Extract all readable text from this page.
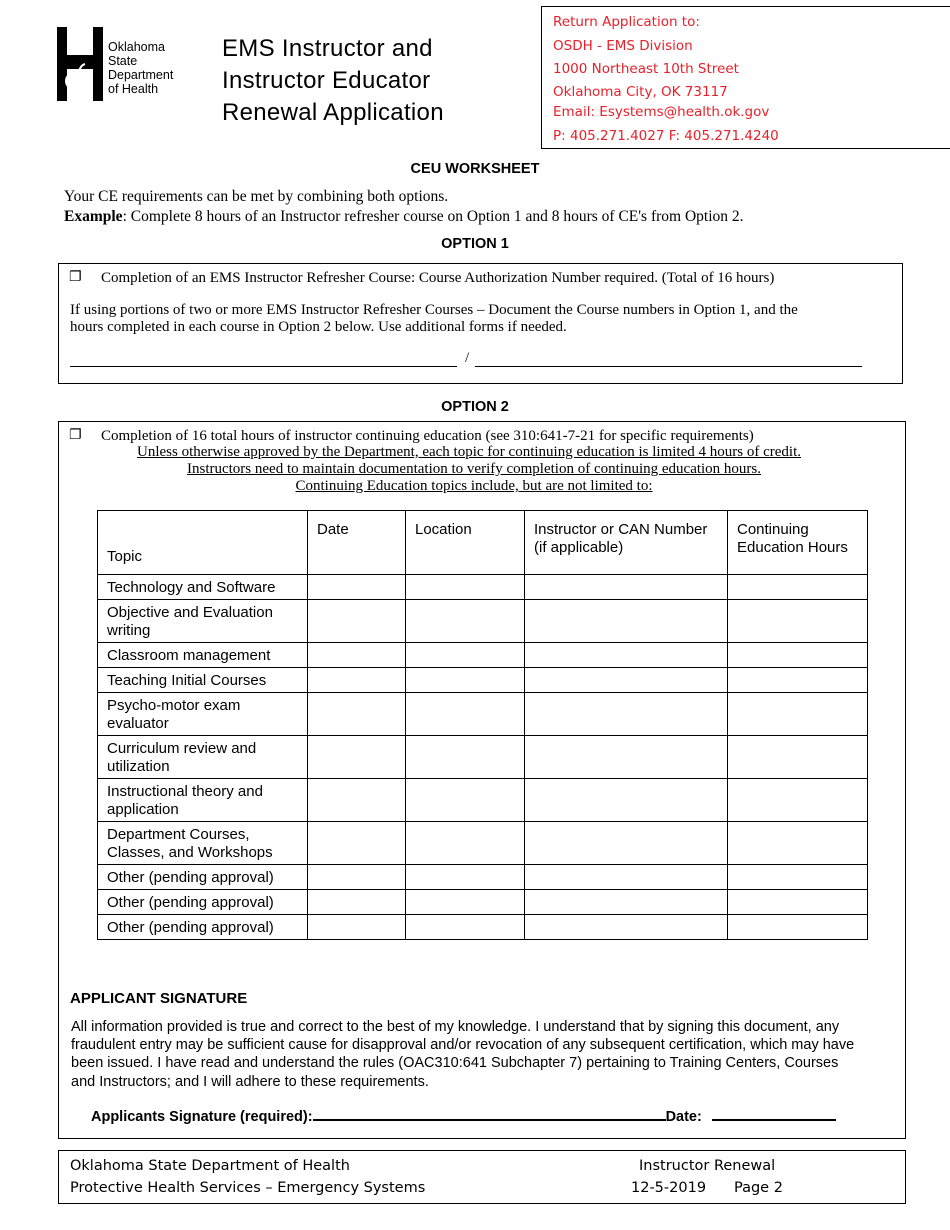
Oklahoma
State
Department
of Health
EMS Instructor and
Instructor Educator
Renewal Application
Return Application to:
OSDH - EMS Division
1000 Northeast 10th Street
Oklahoma City, OK 73117
Email: Esystems@health.ok.gov
P: 405.271.4027 F: 405.271.4240
CEU WORKSHEET
Your CE requirements can be met by combining both options.
Example: Complete 8 hours of an Instructor refresher course on Option 1 and 8 hours of CE's from Option 2.
OPTION 1
❐ Completion of an EMS Instructor Refresher Course: Course Authorization Number required. (Total of 16 hours)
If using portions of two or more EMS Instructor Refresher Courses – Document the Course numbers in Option 1, and the
hours completed in each course in Option 2 below. Use additional forms if needed.
/
OPTION 2
❐ Completion of 16 total hours of instructor continuing education (see 310:641-7-21 for specific requirements)
Unless otherwise approved by the Department, each topic for continuing education is limited 4 hours of credit.
Instructors need to maintain documentation to verify completion of continuing education hours.
Continuing Education topics include, but are not limited to:
Topic	Date	Location	Instructor or CAN Number (if applicable)	Continuing Education Hours
Technology and Software				
Objective and Evaluation writing				
Classroom management				
Teaching Initial Courses				
Psycho-motor exam evaluator				
Curriculum review and utilization				
Instructional theory and application				
Department Courses, Classes, and Workshops				
Other (pending approval)				
Other (pending approval)				
Other (pending approval)				
APPLICANT SIGNATURE
All information provided is true and correct to the best of my knowledge. I understand that by signing this document, any fraudulent entry may be sufficient cause for disapproval and/or revocation of any subsequent certification, which may have been issued. I have read and understand the rules (OAC310:641 Subchapter 7) pertaining to Training Centers, Courses and Instructors; and I will adhere to these requirements.
Applicants Signature (required):	Date:
Oklahoma State Department of Health
Protective Health Services – Emergency Systems
Instructor Renewal
12-5-2019 Page 2
